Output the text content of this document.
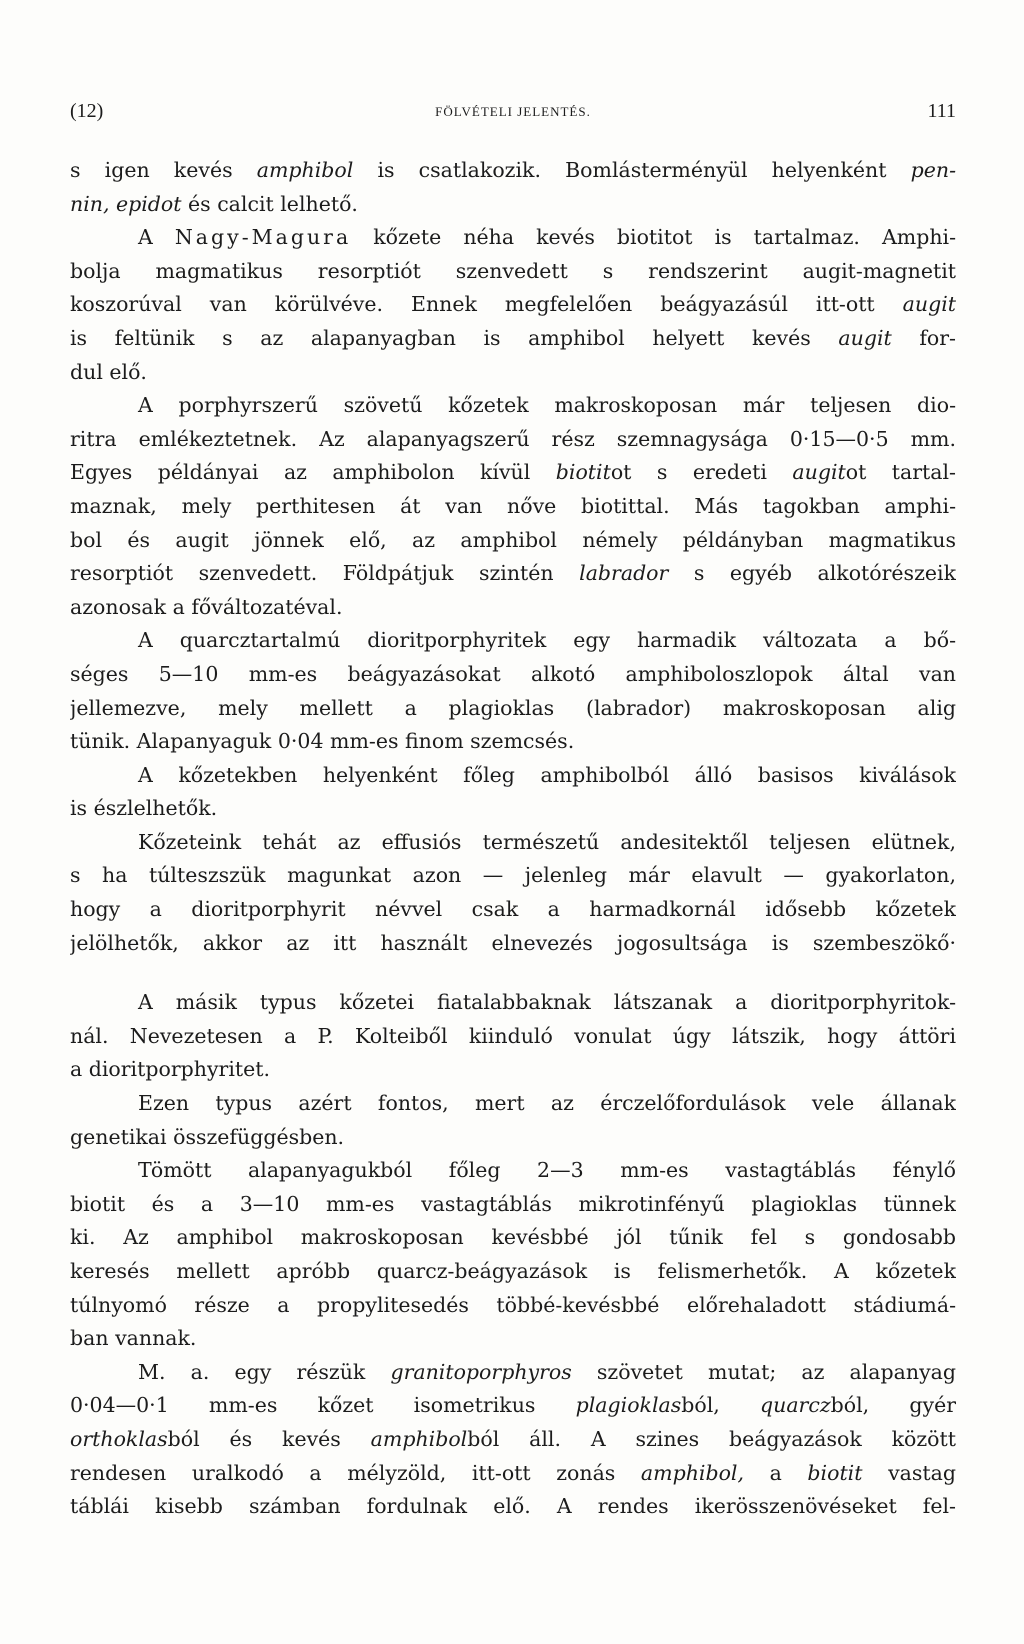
(12)	FÖLVÉTELI JELENTÉS.	111
s igen kevés amphibol is csatlakozik. Bomlásterményül helyenként pen-
nin, epidot és calcit lelhető.
A Nagy-Magura kőzete néha kevés biotitot is tartalmaz. Amphi-
bolja magmatikus resorptiót szenvedett s rendszerint augit-magnetit
koszorúval van körülvéve. Ennek megfelelően beágyazásúl itt-ott augit
is feltünik s az alapanyagban is amphibol helyett kevés augit for-
dul elő.
A porphyrszerű szövetű kőzetek makroskoposan már teljesen dio-
ritra emlékeztetnek. Az alapanyagszerű rész szemnagysága 0·15—0·5 mm.
Egyes példányai az amphibolon kívül biotitot s eredeti augitot tartal-
maznak, mely perthitesen át van nőve biotittal. Más tagokban amphi-
bol és augit jönnek elő, az amphibol némely példányban magmatikus
resorptiót szenvedett. Földpátjuk szintén labrador s egyéb alkotórészeik
azonosak a főváltozatéval.
A quarcztartalmú dioritporphyritek egy harmadik változata a bő-
séges 5—10 mm-es beágyazásokat alkotó amphiboloszlopok által van
jellemezve, mely mellett a plagioklas (labrador) makroskoposan alig
tünik. Alapanyaguk 0·04 mm-es finom szemcsés.
A kőzetekben helyenként főleg amphibolból álló basisos kiválások
is észlelhetők.
Kőzeteink tehát az effusiós természetű andesitektől teljesen elütnek,
s ha túlteszszük magunkat azon — jelenleg már elavult — gyakorlaton,
hogy a dioritporphyrit névvel csak a harmadkornál idősebb kőzetek
jelölhetők, akkor az itt használt elnevezés jogosultsága is szembeszökő·
A másik typus kőzetei fiatalabbaknak látszanak a dioritporphyritok-
nál. Nevezetesen a P. Kolteiből kiinduló vonulat úgy látszik, hogy áttöri
a dioritporphyritet.
Ezen typus azért fontos, mert az érczelőfordulások vele állanak
genetikai összefüggésben.
Tömött alapanyagukból főleg 2—3 mm-es vastagtáblás fénylő
biotit és a 3—10 mm-es vastagtáblás mikrotinfényű plagioklas tünnek
ki. Az amphibol makroskoposan kevésbbé jól tűnik fel s gondosabb
keresés mellett apróbb quarcz-beágyazások is felismerhetők. A kőzetek
túlnyomó része a propylitesedés többé-kevésbbé előrehaladott stádiumá-
ban vannak.
M. a. egy részük granitoporphyros szövetet mutat; az alapanyag
0·04—0·1 mm-es kőzet isometrikus plagioklasból, quarczból, gyér
orthoklasból és kevés amphibolból áll. A szines beágyazások között
rendesen uralkodó a mélyzöld, itt-ott zonás amphibol, a biotit vastag
táblái kisebb számban fordulnak elő. A rendes ikerösszenövéseket fel-
